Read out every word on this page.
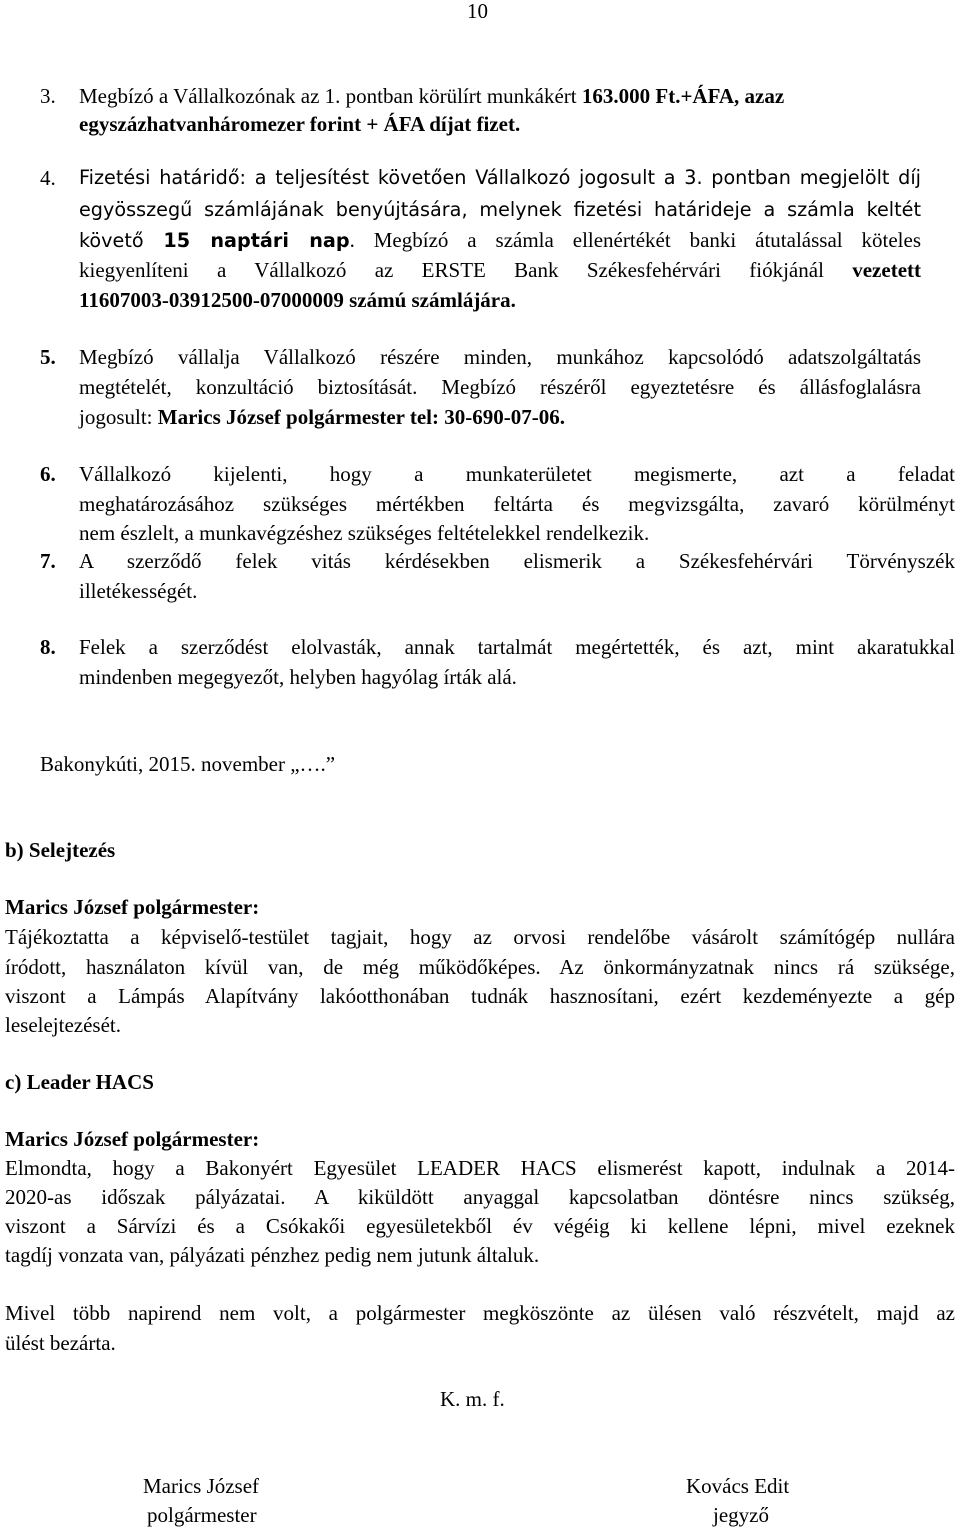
10
3. Megbízó a Vállalkozónak az 1. pontban körülírt munkákért 163.000 Ft.+ÁFA, azaz
egyszázhatvanháromezer forint + ÁFA díjat fizet.
4. Fizetési határidő: a teljesítést követően Vállalkozó jogosult a 3. pontban megjelölt díj
egyösszegű számlájának benyújtására, melynek fizetési határideje a számla keltét
követő 15 naptári nap. Megbízó a számla ellenértékét banki átutalással köteles
kiegyenlíteni a Vállalkozó az ERSTE Bank Székesfehérvári fiókjánál vezetett
11607003-03912500-07000009 számú számlájára.
5. Megbízó vállalja Vállalkozó részére minden, munkához kapcsolódó adatszolgáltatás
megtételét, konzultáció biztosítását. Megbízó részéről egyeztetésre és állásfoglalásra
jogosult: Marics József polgármester tel: 30-690-07-06.
6. Vállalkozó kijelenti, hogy a munkaterületet megismerte, azt a feladat
meghatározásához szükséges mértékben feltárta és megvizsgálta, zavaró körülményt
nem észlelt, a munkavégzéshez szükséges feltételekkel rendelkezik.
7. A szerződő felek vitás kérdésekben elismerik a Székesfehérvári Törvényszék
illetékességét.
8. Felek a szerződést elolvasták, annak tartalmát megértették, és azt, mint akaratukkal
mindenben megegyezőt, helyben hagyólag írták alá.
Bakonykúti, 2015. november „….”
b) Selejtezés
Marics József polgármester:
Tájékoztatta a képviselő-testület tagjait, hogy az orvosi rendelőbe vásárolt számítógép nullára
íródott, használaton kívül van, de még működőképes. Az önkormányzatnak nincs rá szüksége,
viszont a Lámpás Alapítvány lakóotthonában tudnák hasznosítani, ezért kezdeményezte a gép
leselejtezését.
c) Leader HACS
Marics József polgármester:
Elmondta, hogy a Bakonyért Egyesület LEADER HACS elismerést kapott, indulnak a 2014-
2020-as időszak pályázatai. A kiküldött anyaggal kapcsolatban döntésre nincs szükség,
viszont a Sárvízi és a Csókakői egyesületekből év végéig ki kellene lépni, mivel ezeknek
tagdíj vonzata van, pályázati pénzhez pedig nem jutunk általuk.
Mivel több napirend nem volt, a polgármester megköszönte az ülésen való részvételt, majd az
ülést bezárta.
K. m. f.
Marics József
polgármester
Kovács Edit
jegyző
